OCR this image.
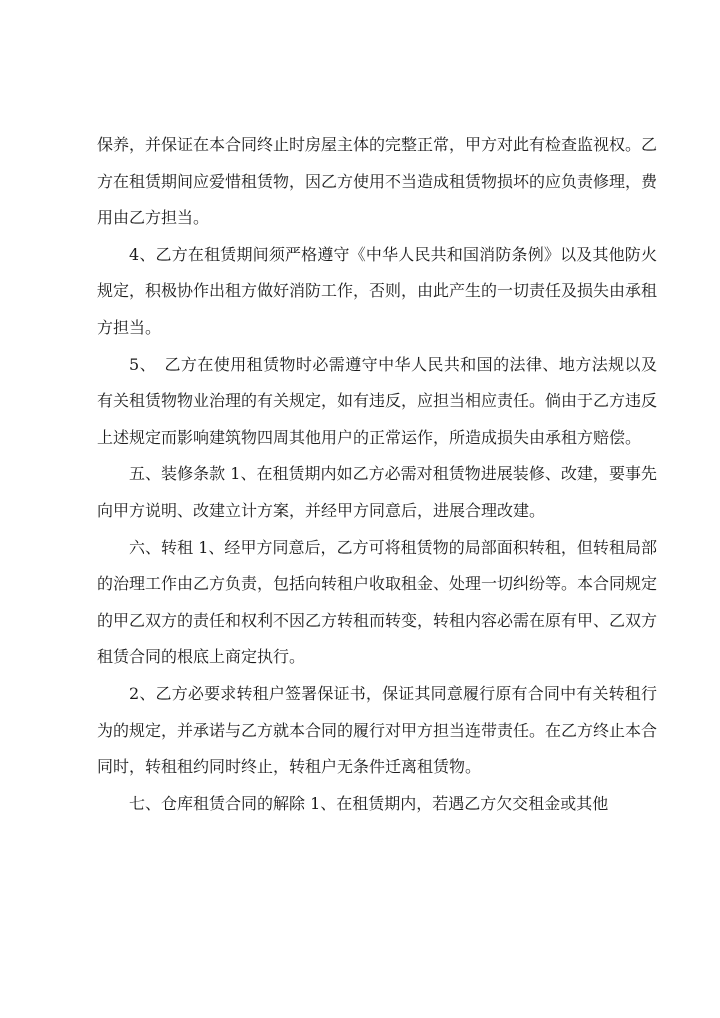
保养，并保证在本合同终止时房屋主体的完整正常，甲方对此有检查监视权。乙方在租赁期间应爱惜租赁物，因乙方使用不当造成租赁物损坏的应负责修理，费用由乙方担当。

4、乙方在租赁期间须严格遵守《中华人民共和国消防条例》以及其他防火规定，积极协作出租方做好消防工作，否则，由此产生的一切责任及损失由承租方担当。

5、　乙方在使用租赁物时必需遵守中华人民共和国的法律、地方法规以及有关租赁物物业治理的有关规定，如有违反，应担当相应责任。倘由于乙方违反上述规定而影响建筑物四周其他用户的正常运作，所造成损失由承租方赔偿。

五、装修条款 1、在租赁期内如乙方必需对租赁物进展装修、改建，要事先向甲方说明、改建立计方案，并经甲方同意后，进展合理改建。

六、转租 1、经甲方同意后，乙方可将租赁物的局部面积转租，但转租局部的治理工作由乙方负责，包括向转租户收取租金、处理一切纠纷等。本合同规定的甲乙双方的责任和权利不因乙方转租而转变，转租内容必需在原有甲、乙双方租赁合同的根底上商定执行。

2、乙方必要求转租户签署保证书，保证其同意履行原有合同中有关转租行为的规定，并承诺与乙方就本合同的履行对甲方担当连带责任。在乙方终止本合同时，转租租约同时终止，转租户无条件迁离租赁物。

七、仓库租赁合同的解除 1、在租赁期内，若遇乙方欠交租金或其他
